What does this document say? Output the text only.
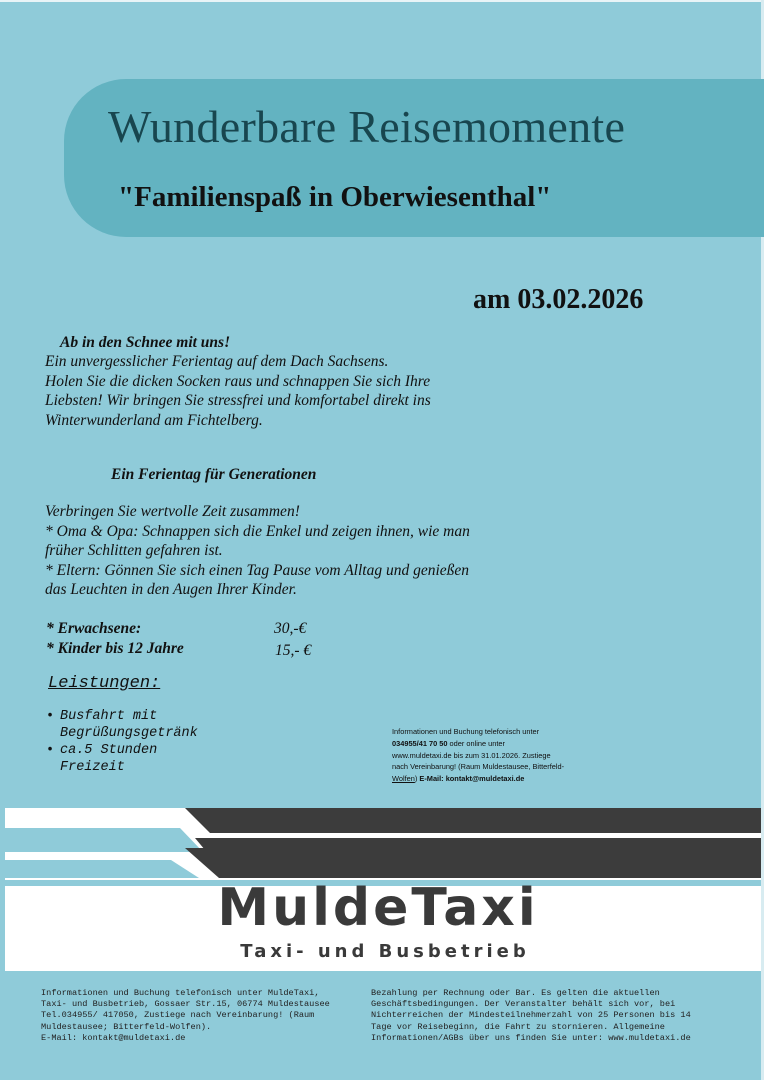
Wunderbare Reisemomente
"Familienspaß in Oberwiesenthal"
am 03.02.2026
Ab in den Schnee mit uns!
Ein unvergesslicher Ferientag auf dem Dach Sachsens.
Holen Sie die dicken Socken raus und schnappen Sie sich Ihre
Liebsten! Wir bringen Sie stressfrei und komfortabel direkt ins
Winterwunderland am Fichtelberg.
Ein Ferientag für Generationen
Verbringen Sie wertvolle Zeit zusammen!
* Oma & Opa: Schnappen sich die Enkel und zeigen ihnen, wie man
früher Schlitten gefahren ist.
* Eltern: Gönnen Sie sich einen Tag Pause vom Alltag und genießen
das Leuchten in den Augen Ihrer Kinder.
* Erwachsene:	30,-€
* Kinder bis 12 Jahre	15,- €
Leistungen:
• Busfahrt mit
Begrüßungsgetränk
• ca.5 Stunden
Freizeit
Informationen und Buchung telefonisch unter
034955/41 70 50 oder online unter
www.muldetaxi.de bis zum 31.01.2026. Zustiege
nach Vereinbarung! (Raum Muldestausee, Bitterfeld-
Wolfen) E-Mail: kontakt@muldetaxi.de
MuldeTaxi
Taxi- und Busbetrieb
Informationen und Buchung telefonisch unter MuldeTaxi,
Taxi- und Busbetrieb, Gossaer Str.15, 06774 Muldestausee
Tel.034955/ 417050, Zustiege nach Vereinbarung! (Raum
Muldestausee; Bitterfeld-Wolfen).
E-Mail: kontakt@muldetaxi.de
Bezahlung per Rechnung oder Bar. Es gelten die aktuellen
Geschäftsbedingungen. Der Veranstalter behält sich vor, bei
Nichterreichen der Mindesteilnehmerzahl von 25 Personen bis 14
Tage vor Reisebeginn, die Fahrt zu stornieren. Allgemeine
Informationen/AGBs über uns finden Sie unter: www.muldetaxi.de
